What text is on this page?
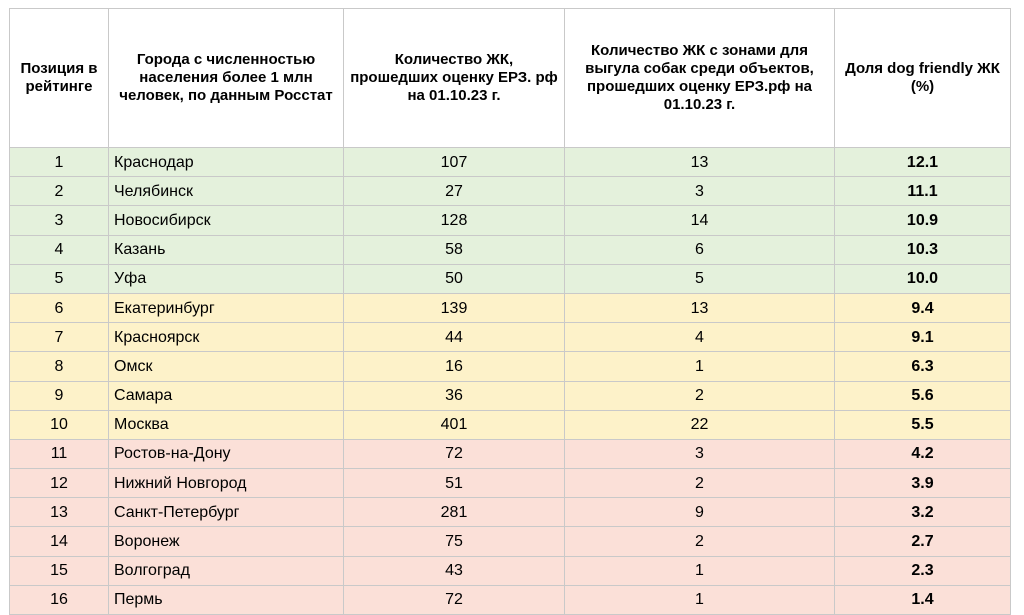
Позиция в рейтинге	Города с численностью населения более 1 млн человек, по данным Росстат	Количество ЖК, прошедших оценку ЕРЗ. рф на 01.10.23 г.	Количество ЖК с зонами для выгула собак среди объектов, прошедших оценку ЕРЗ.рф на 01.10.23 г.	Доля dog friendly ЖК (%)
1	Краснодар	107	13	12.1
2	Челябинск	27	3	11.1
3	Новосибирск	128	14	10.9
4	Казань	58	6	10.3
5	Уфа	50	5	10.0
6	Екатеринбург	139	13	9.4
7	Красноярск	44	4	9.1
8	Омск	16	1	6.3
9	Самара	36	2	5.6
10	Москва	401	22	5.5
11	Ростов-на-Дону	72	3	4.2
12	Нижний Новгород	51	2	3.9
13	Санкт-Петербург	281	9	3.2
14	Воронеж	75	2	2.7
15	Волгоград	43	1	2.3
16	Пермь	72	1	1.4
